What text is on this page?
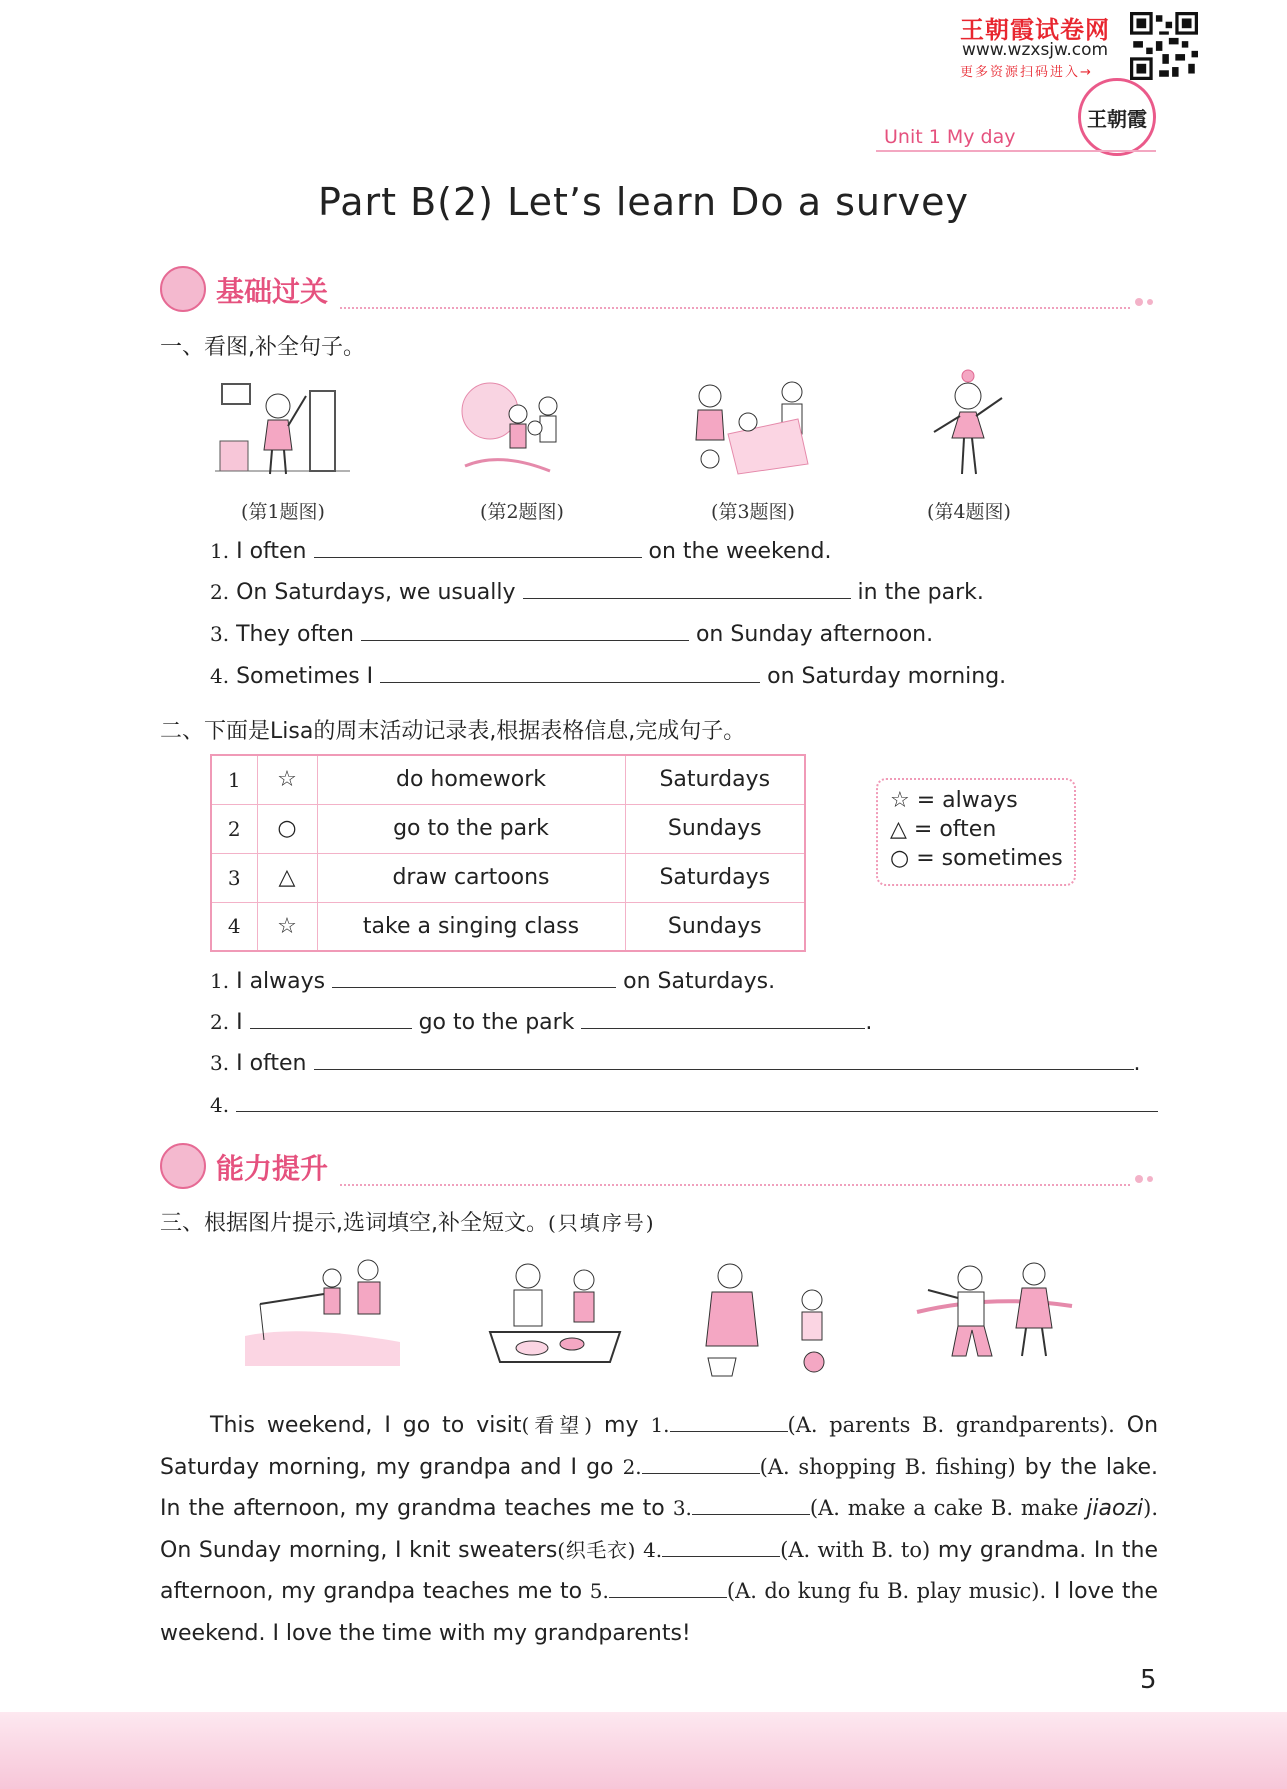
王朝霞试卷网
www.wzxsjw.com
更多资源扫码进入→
王朝霞
Unit 1 My day
Part B(2) Let’s learn Do a survey
基础过关
一、看图,补全句子。
(第1题图)	(第2题图)	(第3题图)	(第4题图)
1. I often	on the weekend.
2. On Saturdays, we usually	in the park.
3. They often	on Sunday afternoon.
4. Sometimes I	on Saturday morning.
二、下面是Lisa的周末活动记录表,根据表格信息,完成句子。
1	☆	do homework	Saturdays
2	○	go to the park	Sundays
3	△	draw cartoons	Saturdays
4	☆	take a singing class	Sundays
☆ = always
△ = often
○ = sometimes
1. I always	on Saturdays.
2. I	go to the park	.
3. I often	.
4.
能力提升
三、根据图片提示,选词填空,补全短文。(只填序号)

This weekend, I go to visit(看望) my 1.	(A. parents B. grandparents). On Saturday morning, my grandpa and I go 2.	(A. shopping B. fishing) by the lake. In the afternoon, my grandma teaches me to 3.	(A. make a cake B. make jiaozi). On Sunday morning, I knit sweaters(织毛衣) 4.	(A. with B. to) my grandma. In the afternoon, my grandpa teaches me to 5.	(A. do kung fu B. play music). I love the weekend. I love the time with my grandparents!

5
